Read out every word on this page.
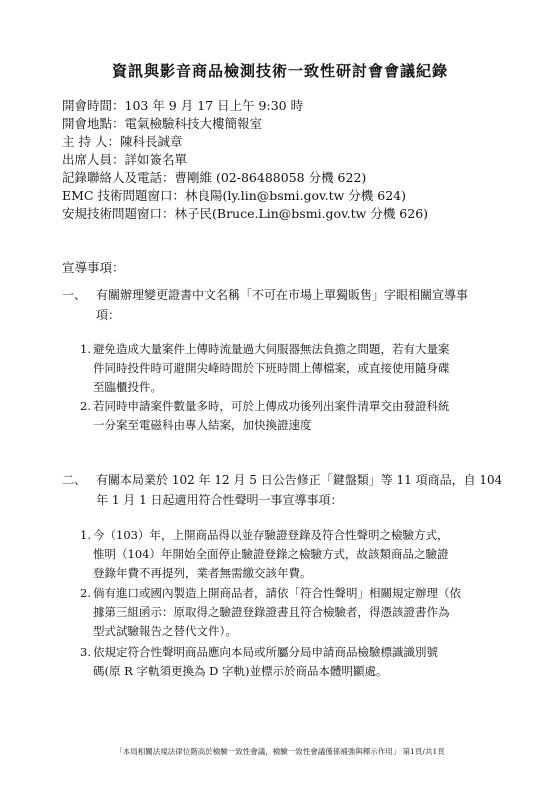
資訊與影音商品檢測技術一致性研討會會議紀錄
開會時間：103 年 9 月 17 日上午 9:30 時
開會地點：電氣檢驗科技大樓簡報室
主 持 人：陳科長誠章
出席人員：詳如簽名單
記錄聯絡人及電話：曹剛維 (02-86488058 分機 622)
EMC 技術問題窗口：林良陽(ly.lin@bsmi.gov.tw 分機 624)
安規技術問題窗口：林子民(Bruce.Lin@bsmi.gov.tw 分機 626)
宣導事項：
一、 有關辦理變更證書中文名稱「不可在市場上單獨販售」字眼相關宣導事
項：
1. 避免造成大量案件上傳時流量過大伺服器無法負擔之問題，若有大量案
件同時投件時可避開尖峰時間於下班時間上傳檔案，或直接使用隨身碟
至臨櫃投件。
2. 若同時申請案件數量多時，可於上傳成功後列出案件清單交由發證科統
一分案至電磁科由專人結案，加快換證速度
二、 有關本局業於 102 年 12 月 5 日公告修正「鍵盤類」等 11 項商品，自 104
年 1 月 1 日起適用符合性聲明一事宣導事項：
1. 今（103）年，上開商品得以並存驗證登錄及符合性聲明之檢驗方式，
惟明（104）年開始全面停止驗證登錄之檢驗方式，故該類商品之驗證
登錄年費不再提列，業者無需繳交該年費。
2. 倘有進口或國內製造上開商品者，請依「符合性聲明」相關規定辦理（依
據第三組函示：原取得之驗證登錄證書且符合檢驗者，得憑該證書作為
型式試驗報告之替代文件）。
3. 依規定符合性聲明商品應向本局或所屬分局申請商品檢驗標識識別號
碼(原 R 字軌須更換為 D 字軌)並標示於商品本體明顯處。
「本局相關法規法律位階高於檢驗一致性會議，檢驗一致性會議僅係補強與釋示作用」 第1頁/共1頁
